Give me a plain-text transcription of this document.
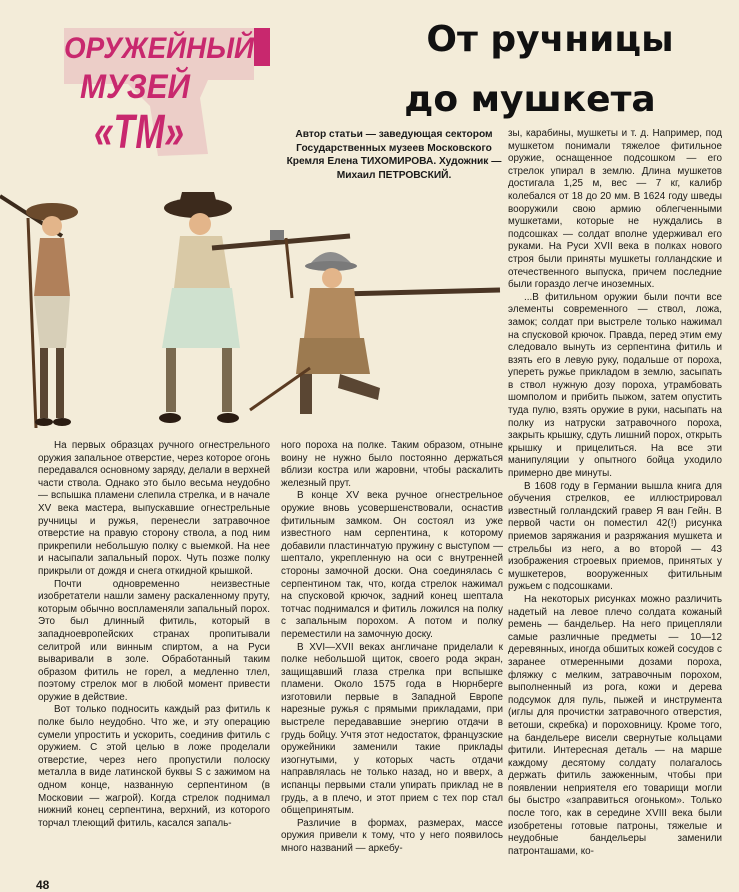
ОРУЖЕЙНЫЙ
МУЗЕЙ
«ТМ»
От ручницы
до мушкета
Автор статьи — заведующая сектором Государственных музеев Московского Кремля Елена ТИХОМИРОВА. Художник — Михаил ПЕТРОВСКИЙ.

зы, карабины, мушкеты и т. д. Например, под мушкетом понимали тяжелое фитильное оружие, оснащенное подсошком — его стрелок упирал в землю. Длина мушкетов достигала 1,25 м, вес — 7 кг, калибр колебался от 18 до 20 мм. В 1624 году шведы вооружили свою армию облегченными мушкетами, которые не нуждались в подсошках — солдат вполне удерживал его руками. На Руси XVII века в полках нового строя были приняты мушкеты голландские и отечественного выпуска, причем последние были гораздо легче иноземных.

...В фитильном оружии были почти все элементы современного — ствол, ложа, замок; солдат при выстреле только нажимал на спусковой крючок. Правда, перед этим ему следовало вынуть из серпентина фитиль и взять его в левую руку, подальше от пороха, упереть ружье прикладом в землю, засыпать в ствол нужную дозу пороха, утрамбовать шомполом и прибить пыжом, затем опустить туда пулю, взять оружие в руки, насыпать на полку из натруски затравочного пороха, закрыть крышку, сдуть лишний порох, открыть крышку и прицелиться. На все эти манипуляции у опытного бойца уходило примерно две минуты.

В 1608 году в Германии вышла книга для обучения стрелков, ее иллюстрировал известный голландский гравер Я ван Гейн. В первой части он поместил 42(!) рисунка приемов заряжания и разряжания мушкета и стрельбы из него, а во второй — 43 изображения строевых приемов, принятых у мушкетеров, вооруженных фитильным ружьем с подсошками.

На некоторых рисунках можно различить надетый на левое плечо солдата кожаный ремень — бандельер. На него прицепляли самые различные предметы — 10—12 деревянных, иногда обшитых кожей сосудов с заранее отмеренными дозами пороха, фляжку с мелким, затравочным порохом, выполненный из рога, кожи и дерева подсумок для пуль, пыжей и инструмента (иглы для прочистки затравочного отверстия, ветоши, скребка) и пороховницу. Кроме того, на бандельере висели свернутые кольцами фитили. Интересная деталь — на марше каждому десятому солдату полагалось держать фитиль зажженным, чтобы при появлении неприятеля его товарищи могли бы быстро «заправиться огоньком». Только после того, как в середине XVIII века были изобретены готовые патроны, тяжелые и неудобные бандельеры заменили патронташами, ко-

На первых образцах ручного огнестрельного оружия запальное отверстие, через которое огонь передавался основному заряду, делали в верхней части ствола. Однако это было весьма неудобно — вспышка пламени слепила стрелка, и в начале XV века мастера, выпускавшие огнестрельные ручницы и ружья, перенесли затравочное отверстие на правую сторону ствола, а под ним прикрепили небольшую полку с выемкой. На нее и насыпали запальный порох. Чуть позже полку прикрыли от дождя и снега откидной крышкой.

Почти одновременно неизвестные изобретатели нашли замену раскаленному пруту, которым обычно воспламеняли запальный порох. Это был длинный фитиль, который в западноевропейских странах пропитывали селитрой или винным спиртом, а на Руси вываривали в золе. Обработанный таким образом фитиль не горел, а медленно тлел, поэтому стрелок мог в любой момент привести оружие в действие.

Вот только подносить каждый раз фитиль к полке было неудобно. Что же, и эту операцию сумели упростить и ускорить, соединив фитиль с оружием. С этой целью в ложе проделали отверстие, через него пропустили полоску металла в виде латинской буквы S с зажимом на одном конце, названную серпентином (в Московии — жагрой). Когда стрелок поднимал нижний конец серпентина, верхний, из которого торчал тлеющий фитиль, касался запаль-

ного пороха на полке. Таким образом, отныне воину не нужно было постоянно держаться вблизи костра или жаровни, чтобы раскалить железный прут.

В конце XV века ручное огнестрельное оружие вновь усовершенствовали, оснастив фитильным замком. Он состоял из уже известного нам серпентина, к которому добавили пластинчатую пружину с выступом — шептало, укрепленную на оси с внутренней стороны замочной доски. Она соединялась с серпентином так, что, когда стрелок нажимал на спусковой крючок, задний конец шептала тотчас поднимался и фитиль ложился на полку с запальным порохом. А потом и полку переместили на замочную доску.

В XVI—XVII веках англичане приделали к полке небольшой щиток, своего рода экран, защищавший глаза стрелка при вспышке пламени. Около 1575 года в Нюрнберге изготовили первые в Западной Европе нарезные ружья с прямыми прикладами, при выстреле передававшие энергию отдачи в грудь бойцу. Учтя этот недостаток, французские оружейники заменили такие приклады изогнутыми, у которых часть отдачи направлялась не только назад, но и вверх, а испанцы первыми стали упирать приклад не в грудь, а в плечо, и этот прием с тех пор стал общепринятым.

Различие в формах, размерах, массе оружия привели к тому, что у него появилось много названий — аркебу-

48
